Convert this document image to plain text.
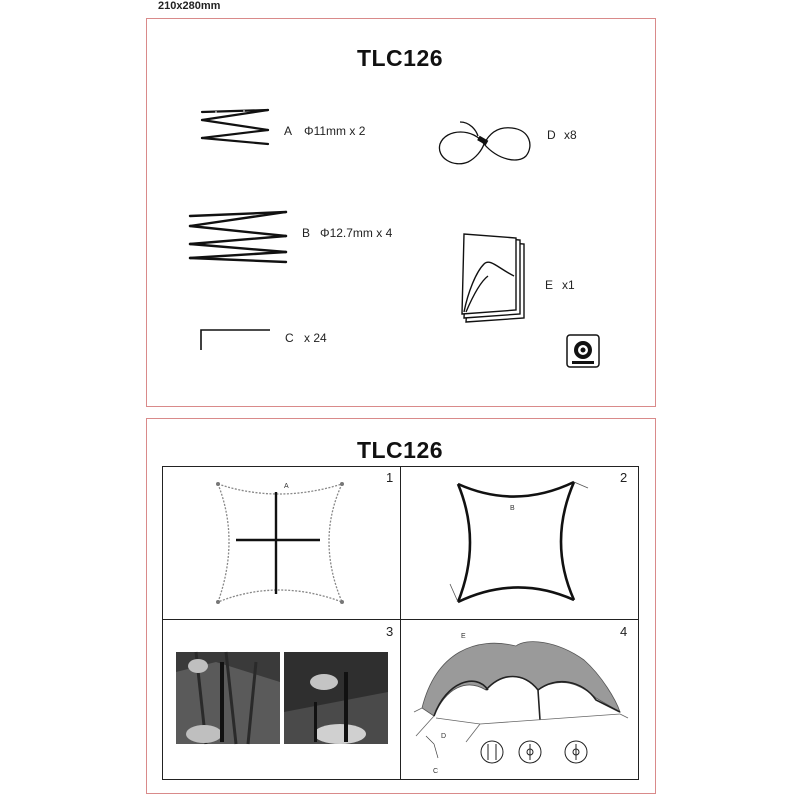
210x280mm
TLC126
A Φ11mm x 2
B Φ12.7mm x 4
C x 24
D x8
E x1
TLC126
1	2
3	4
E
D
C
A
B
